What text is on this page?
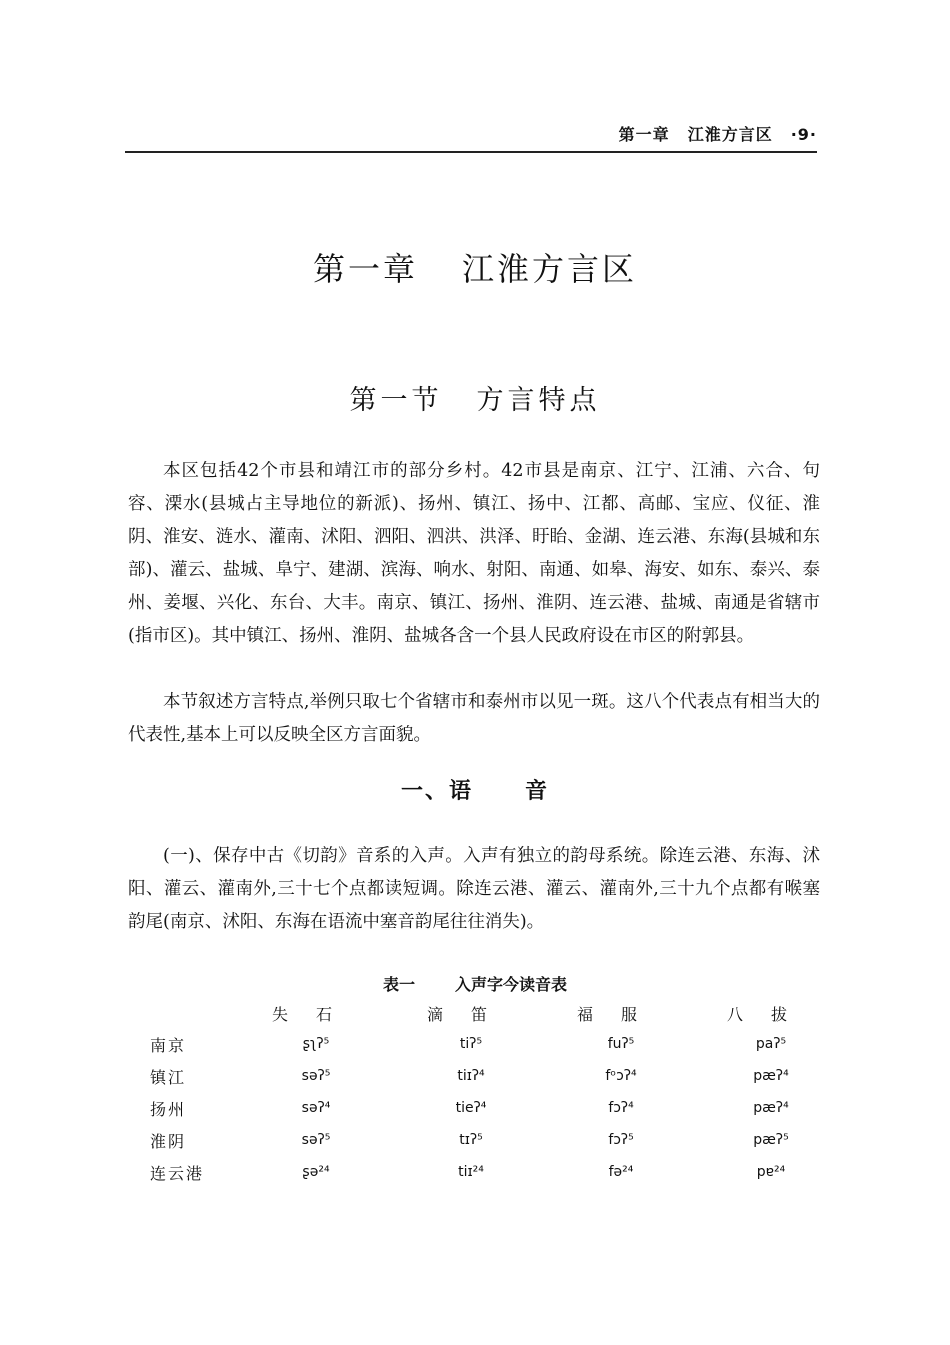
第一章 江淮方言区 ·9·
第一章 江淮方言区
第一节 方言特点

本区包括42个市县和靖江市的部分乡村。42市县是南京、江宁、江浦、六合、句容、溧水(县城占主导地位的新派)、扬州、镇江、扬中、江都、高邮、宝应、仪征、淮阴、淮安、涟水、灌南、沭阳、泗阳、泗洪、洪泽、盱眙、金湖、连云港、东海(县城和东部)、灌云、盐城、阜宁、建湖、滨海、响水、射阳、南通、如皋、海安、如东、泰兴、泰州、姜堰、兴化、东台、大丰。南京、镇江、扬州、淮阴、连云港、盐城、南通是省辖市(指市区)。其中镇江、扬州、淮阴、盐城各含一个县人民政府设在市区的附郭县。

本节叙述方言特点,举例只取七个省辖市和泰州市以见一斑。这八个代表点有相当大的代表性,基本上可以反映全区方言面貌。

一、语 音

(一)、保存中古《切韵》音系的入声。入声有独立的韵母系统。除连云港、东海、沭阳、灌云、灌南外,三十七个点都读短调。除连云港、灌云、灌南外,三十九个点都有喉塞韵尾(南京、沭阳、东海在语流中塞音韵尾往往消失)。

表一	入声字今读音表
	失石	滴笛	福服	八拔
南京	ʂʅʔ⁵	tiʔ⁵	fuʔ⁵	paʔ⁵
镇江	səʔ⁵	tiɪʔ⁴	fᵒɔʔ⁴	pæʔ⁴
扬州	səʔ⁴	tieʔ⁴	fɔʔ⁴	pæʔ⁴
淮阴	səʔ⁵	tɪʔ⁵	fɔʔ⁵	pæʔ⁵
连云港	ʂə²⁴	tiɪ²⁴	fə²⁴	pɐ²⁴
